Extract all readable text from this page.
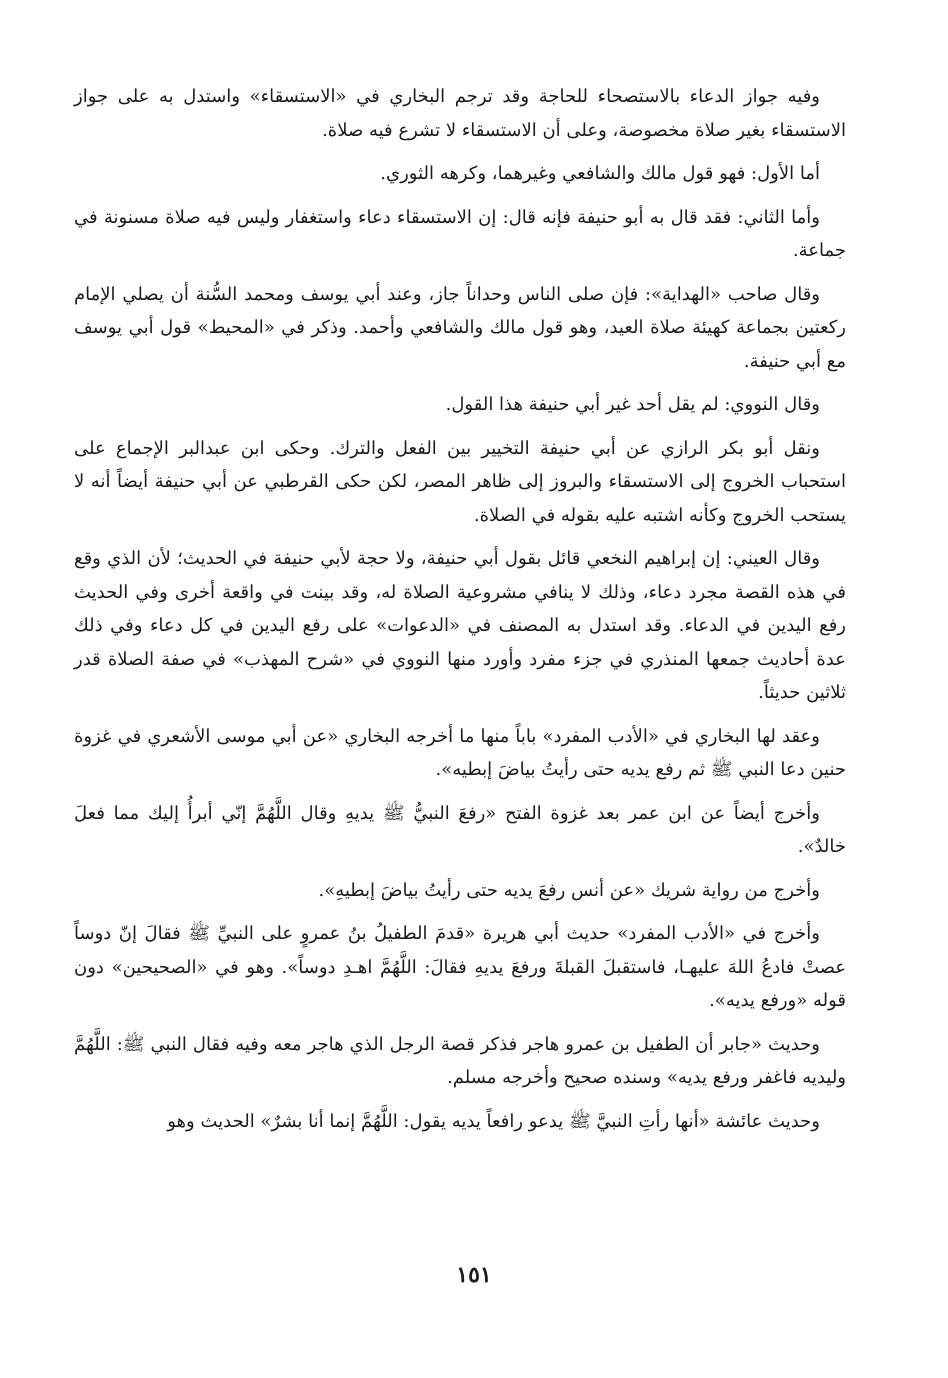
وفيه جواز الدعاء بالاستصحاء للحاجة وقد ترجم البخاري في «الاستسقاء» واستدل به على جواز الاستسقاء بغير صلاة مخصوصة، وعلى أن الاستسقاء لا تشرع فيه صلاة.

أما الأول: فهو قول مالك والشافعي وغيرهما، وكرهه الثوري.

وأما الثاني: فقد قال به أبو حنيفة فإنه قال: إن الاستسقاء دعاء واستغفار وليس فيه صلاة مسنونة في جماعة.

وقال صاحب «الهداية»: فإن صلى الناس وحداناً جاز، وعند أبي يوسف ومحمد السُّنة أن يصلي الإمام ركعتين بجماعة كهيئة صلاة العيد، وهو قول مالك والشافعي وأحمد. وذكر في «المحيط» قول أبي يوسف مع أبي حنيفة.

وقال النووي: لم يقل أحد غير أبي حنيفة هذا القول.

ونقل أبو بكر الرازي عن أبي حنيفة التخيير بين الفعل والترك. وحكى ابن عبدالبر الإجماع على استحباب الخروج إلى الاستسقاء والبروز إلى ظاهر المصر، لكن حكى القرطبي عن أبي حنيفة أيضاً أنه لا يستحب الخروج وكأنه اشتبه عليه بقوله في الصلاة.

وقال العيني: إن إبراهيم النخعي قائل بقول أبي حنيفة، ولا حجة لأبي حنيفة في الحديث؛ لأن الذي وقع في هذه القصة مجرد دعاء، وذلك لا ينافي مشروعية الصلاة له، وقد بينت في واقعة أخرى وفي الحديث رفع اليدين في الدعاء. وقد استدل به المصنف في «الدعوات» على رفع اليدين في كل دعاء وفي ذلك عدة أحاديث جمعها المنذري في جزء مفرد وأورد منها النووي في «شرح المهذب» في صفة الصلاة قدر ثلاثين حديثاً.

وعقد لها البخاري في «الأدب المفرد» باباً منها ما أخرجه البخاري «عن أبي موسى الأشعري في غزوة حنين دعا النبي ﷺ ثم رفع يديه حتى رأيتُ بياضَ إبطيه».

وأخرج أيضاً عن ابن عمر بعد غزوة الفتح «رفعَ النبيُّ ﷺ يديهِ وقال اللَّهُمَّ إنّي أبرأُ إليك مما فعلَ خالدٌ».

وأخرج من رواية شريك «عن أنس رفعَ يديه حتى رأيتُ بياضَ إبطيهِ».

وأخرج في «الأدب المفرد» حديث أبي هريرة «قدمَ الطفيلُ بنُ عمروٍ على النبيِّ ﷺ فقالَ إنّ دوساً عصتْ فادعُ اللهَ عليهـا، فاستقبلَ القبلةَ ورفعَ يديهِ فقالَ: اللَّهُمَّ اهـدِ دوساً». وهو في «الصحيحين» دون قوله «ورفع يديه».

وحديث «جابر أن الطفيل بن عمرو هاجر فذكر قصة الرجل الذي هاجر معه وفيه فقال النبي ﷺ: اللَّهُمَّ وليديه فاغفر ورفع يديه» وسنده صحيح وأخرجه مسلم.

وحديث عائشة «أنها رأتِ النبيَّ ﷺ يدعو رافعاً يديه يقول: اللَّهُمَّ إنما أنا بشرٌ» الحديث وهو

١٥١
